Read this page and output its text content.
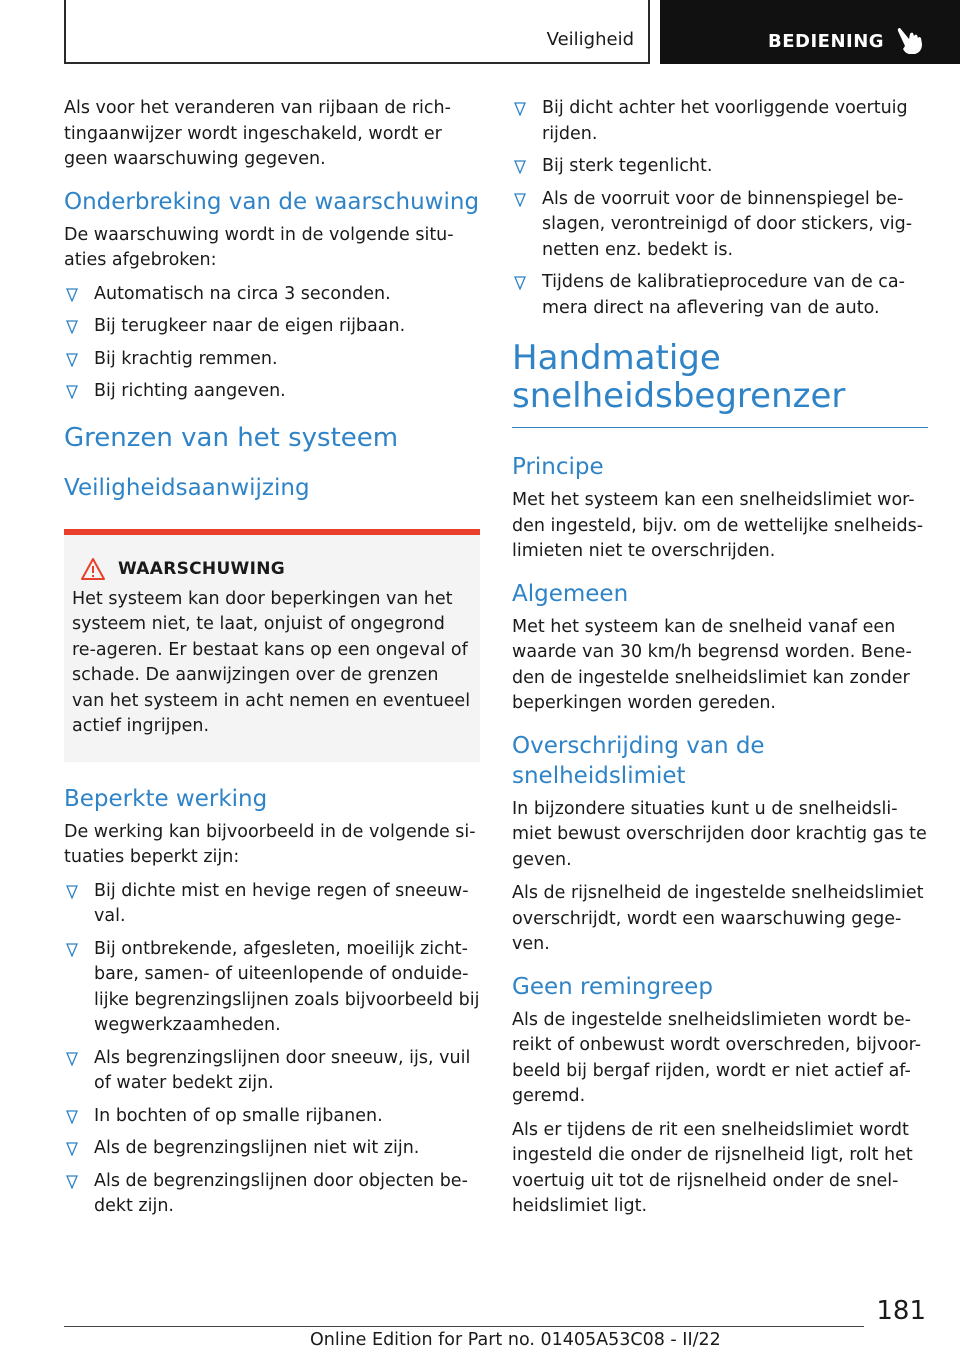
Veiligheid	BEDIENING

Als voor het veranderen van rijbaan de rich-tingaanwijzer wordt ingeschakeld, wordt er geen waarschuwing gegeven.

Onderbreking van de waarschuwing

De waarschuwing wordt in de volgende situ-aties afgebroken:

Automatisch na circa 3 seconden.
Bij terugkeer naar de eigen rijbaan.
Bij krachtig remmen.
Bij richting aangeven.
Grenzen van het systeem
Veiligheidsaanwijzing
WAARSCHUWING

Het systeem kan door beperkingen van het systeem niet, te laat, onjuist of ongegrond re-ageren. Er bestaat kans op een ongeval of schade. De aanwijzingen over de grenzen van het systeem in acht nemen en eventueel actief ingrijpen.

Beperkte werking

De werking kan bijvoorbeeld in de volgende si-tuaties beperkt zijn:

Bij dichte mist en hevige regen of sneeuw-val.
Bij ontbrekende, afgesleten, moeilijk zicht-bare, samen- of uiteenlopende of onduide-lijke begrenzingslijnen zoals bijvoorbeeld bij wegwerkzaamheden.
Als begrenzingslijnen door sneeuw, ijs, vuil of water bedekt zijn.
In bochten of op smalle rijbanen.
Als de begrenzingslijnen niet wit zijn.
Als de begrenzingslijnen door objecten be-dekt zijn.
Bij dicht achter het voorliggende voertuig rijden.
Bij sterk tegenlicht.
Als de voorruit voor de binnenspiegel be-slagen, verontreinigd of door stickers, vig-netten enz. bedekt is.
Tijdens de kalibratieprocedure van de ca-mera direct na aflevering van de auto.
Handmatige
snelheidsbegrenzer
Principe

Met het systeem kan een snelheidslimiet wor-den ingesteld, bijv. om de wettelijke snelheids-limieten niet te overschrijden.

Algemeen

Met het systeem kan de snelheid vanaf een waarde van 30 km/h begrensd worden. Bene-den de ingestelde snelheidslimiet kan zonder beperkingen worden gereden.

Overschrijding van de snelheidslimiet

In bijzondere situaties kunt u de snelheidsli-miet bewust overschrijden door krachtig gas te geven.

Als de rijsnelheid de ingestelde snelheidslimiet overschrijdt, wordt een waarschuwing gege-ven.

Geen remingreep

Als de ingestelde snelheidslimieten wordt be-reikt of onbewust wordt overschreden, bijvoor-beeld bij bergaf rijden, wordt er niet actief af-geremd.

Als er tijdens de rit een snelheidslimiet wordt ingesteld die onder de rijsnelheid ligt, rolt het voertuig uit tot de rijsnelheid onder de snel-heidslimiet ligt.

181
Online Edition for Part no. 01405A53C08 - II/22
